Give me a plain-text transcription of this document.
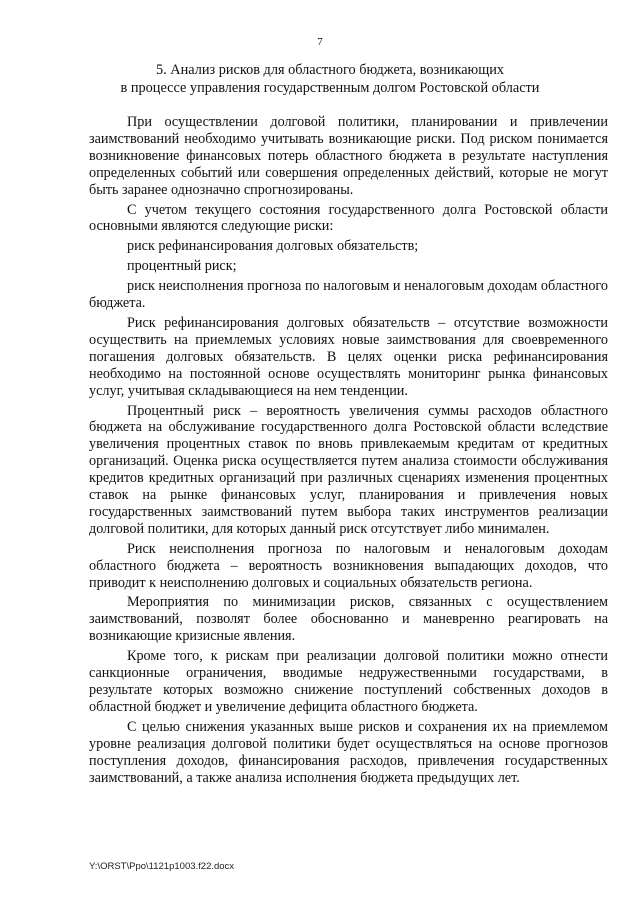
7
5. Анализ рисков для областного бюджета, возникающих
в процессе управления государственным долгом Ростовской области

При осуществлении долговой политики, планировании и привлечении заимствований необходимо учитывать возникающие риски. Под риском понимается возникновение финансовых потерь областного бюджета в результате наступления определенных событий или совершения определенных действий, которые не могут быть заранее однозначно спрогнозированы.

С учетом текущего состояния государственного долга Ростовской области основными являются следующие риски:

риск рефинансирования долговых обязательств;

процентный риск;

риск неисполнения прогноза по налоговым и неналоговым доходам областного бюджета.

Риск рефинансирования долговых обязательств – отсутствие возможности осуществить на приемлемых условиях новые заимствования для своевременного погашения долговых обязательств. В целях оценки риска рефинансирования необходимо на постоянной основе осуществлять мониторинг рынка финансовых услуг, учитывая складывающиеся на нем тенденции.

Процентный риск – вероятность увеличения суммы расходов областного бюджета на обслуживание государственного долга Ростовской области вследствие увеличения процентных ставок по вновь привлекаемым кредитам от кредитных организаций. Оценка риска осуществляется путем анализа стоимости обслуживания кредитов кредитных организаций при различных сценариях изменения процентных ставок на рынке финансовых услуг, планирования и привлечения новых государственных заимствований путем выбора таких инструментов реализации долговой политики, для которых данный риск отсутствует либо минимален.

Риск неисполнения прогноза по налоговым и неналоговым доходам областного бюджета – вероятность возникновения выпадающих доходов, что приводит к неисполнению долговых и социальных обязательств региона.

Мероприятия по минимизации рисков, связанных с осуществлением заимствований, позволят более обоснованно и маневренно реагировать на возникающие кризисные явления.

Кроме того, к рискам при реализации долговой политики можно отнести санкционные ограничения, вводимые недружественными государствами, в результате которых возможно снижение поступлений собственных доходов в областной бюджет и увеличение дефицита областного бюджета.

С целью снижения указанных выше рисков и сохранения их на приемлемом уровне реализация долговой политики будет осуществляться на основе прогнозов поступления доходов, финансирования расходов, привлечения государственных заимствований, а также анализа исполнения бюджета предыдущих лет.

Y:\ORST\Ppo\1121p1003.f22.docx
